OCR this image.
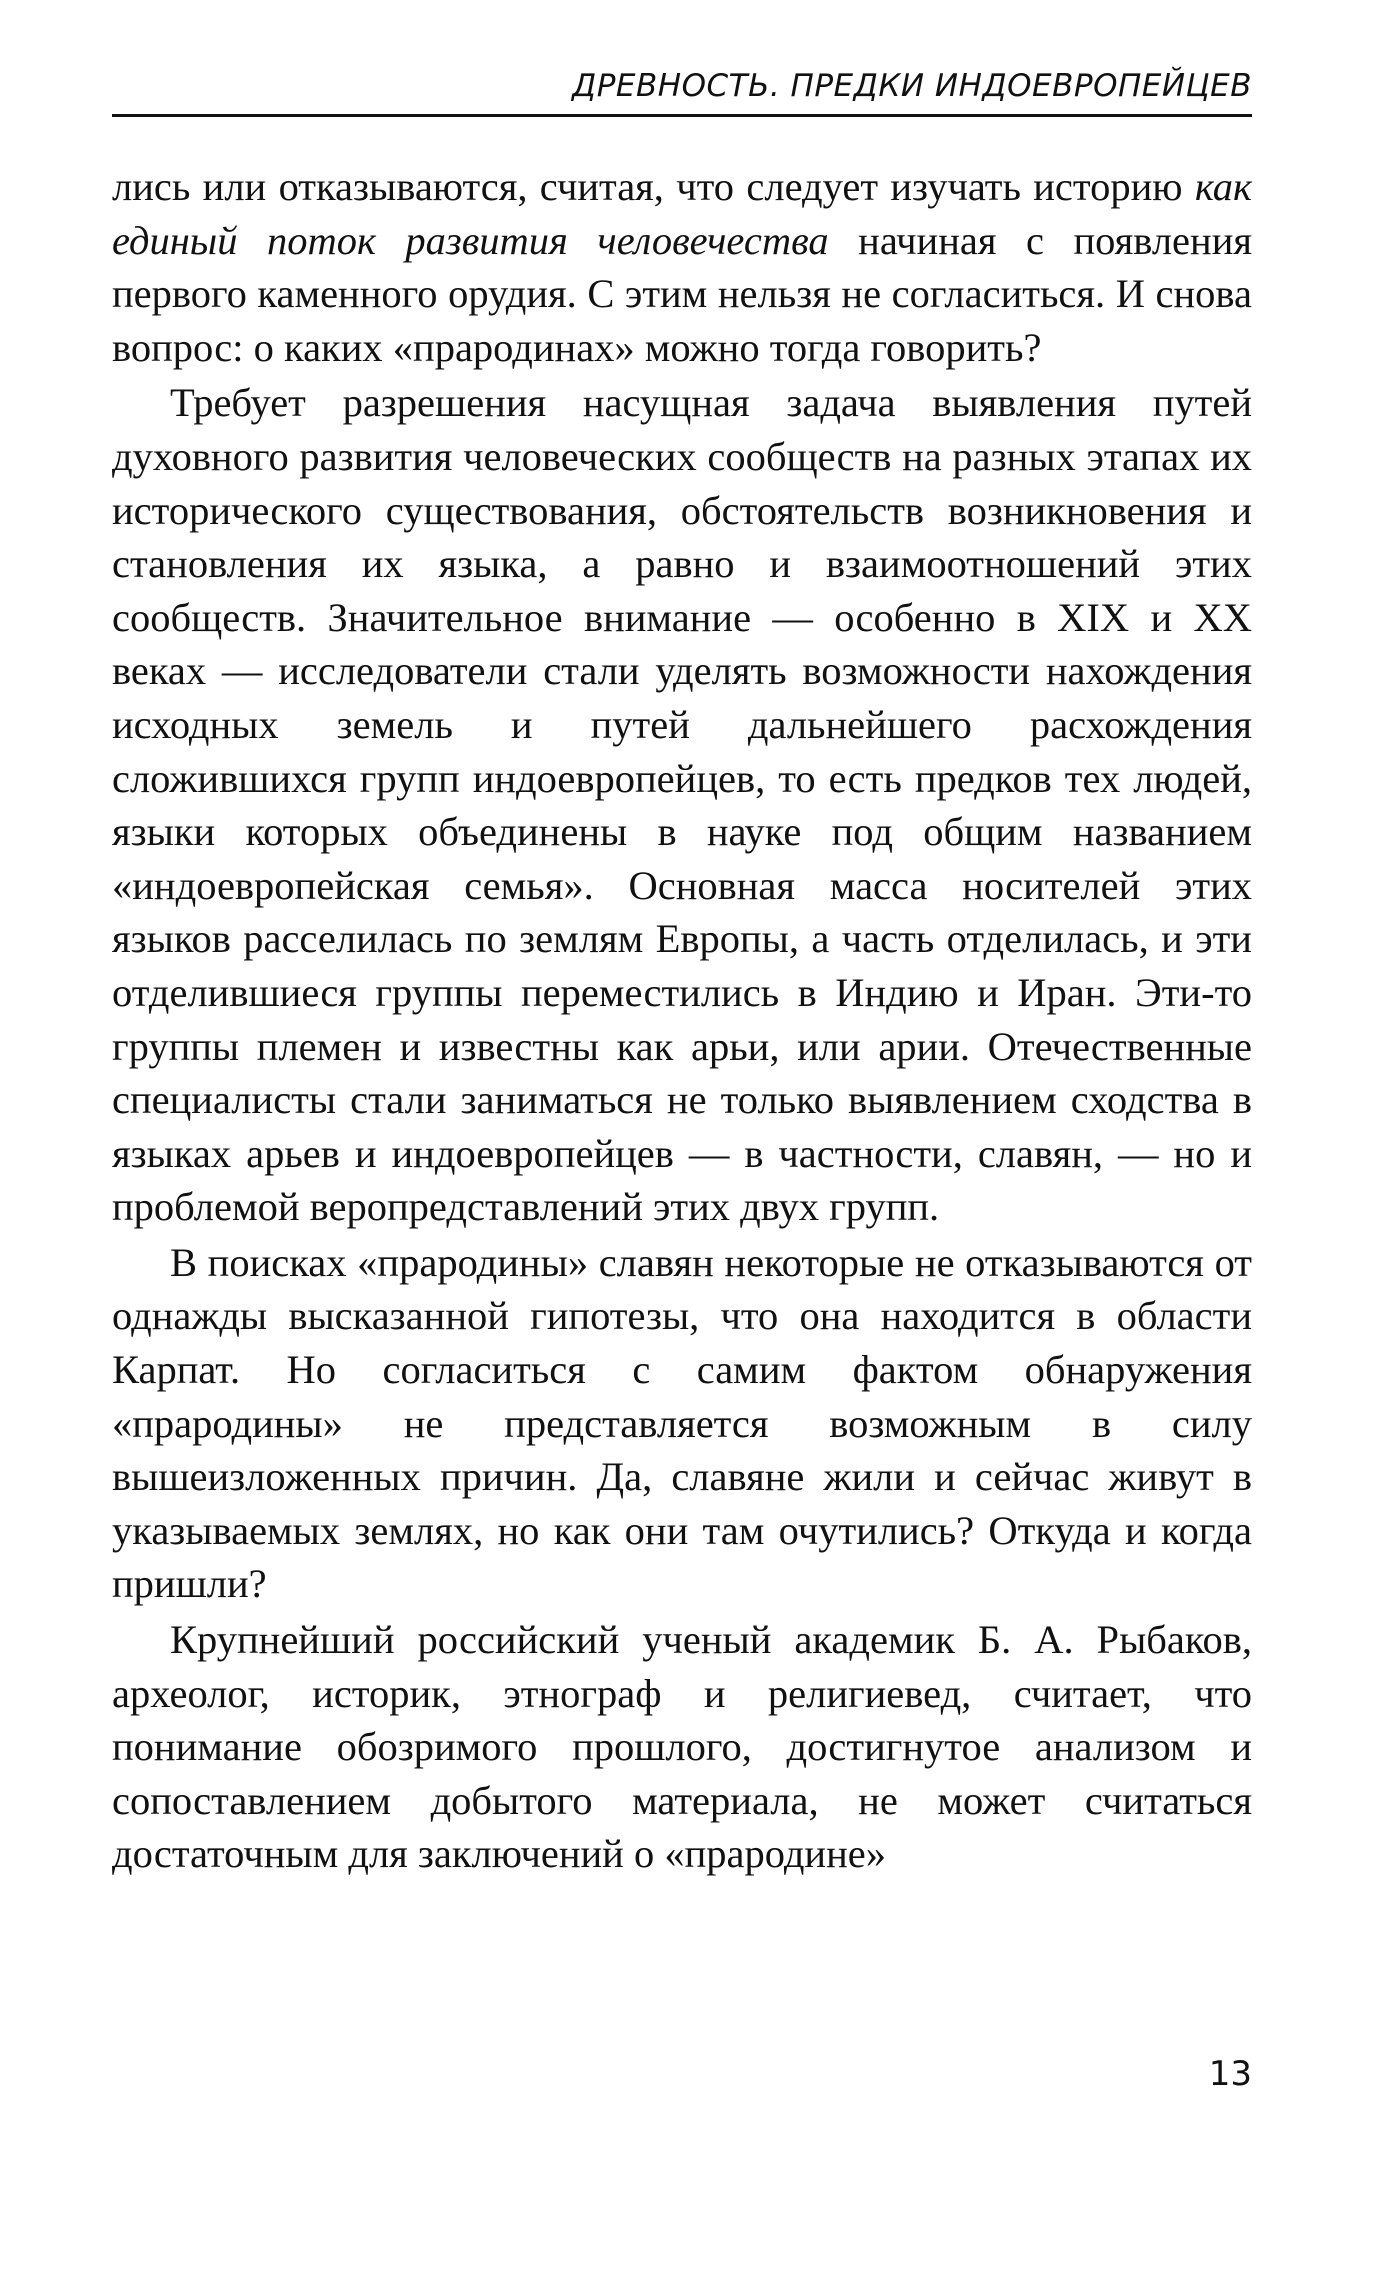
ДРЕВНОСТЬ. ПРЕДКИ ИНДОЕВРОПЕЙЦЕВ

лись или отказываются, считая, что следует изучать историю как единый поток развития человечества начиная с появления первого каменного орудия. С этим нельзя не согласиться. И снова вопрос: о каких «прародинах» можно тогда говорить?

Требует разрешения насущная задача выявления путей духовного развития человеческих сообществ на разных этапах их исторического существования, обстоятельств возникновения и становления их языка, а равно и взаимоотношений этих сообществ. Значительное внимание — особенно в XIX и XX веках — исследователи стали уделять возможности нахождения исходных земель и путей дальнейшего расхождения сложившихся групп индоевропейцев, то есть предков тех людей, языки которых объединены в науке под общим названием «индоевропейская семья». Основная масса носителей этих языков расселилась по землям Европы, а часть отделилась, и эти отделившиеся группы переместились в Индию и Иран. Эти-то группы племен и известны как арьи, или арии. Отечественные специалисты стали заниматься не только выявлением сходства в языках арьев и индоевропейцев — в частности, славян, — но и проблемой веропредставлений этих двух групп.

В поисках «прародины» славян некоторые не отказываются от однажды высказанной гипотезы, что она находится в области Карпат. Но согласиться с самим фактом обнаружения «прародины» не представляется возможным в силу вышеизложенных причин. Да, славяне жили и сейчас живут в указываемых землях, но как они там очутились? Откуда и когда пришли?

Крупнейший российский ученый академик Б. А. Рыбаков, археолог, историк, этнограф и религиевед, считает, что понимание обозримого прошлого, достигнутое анализом и сопоставлением добытого материала, не может считаться достаточным для заключений о «прародине»

13
